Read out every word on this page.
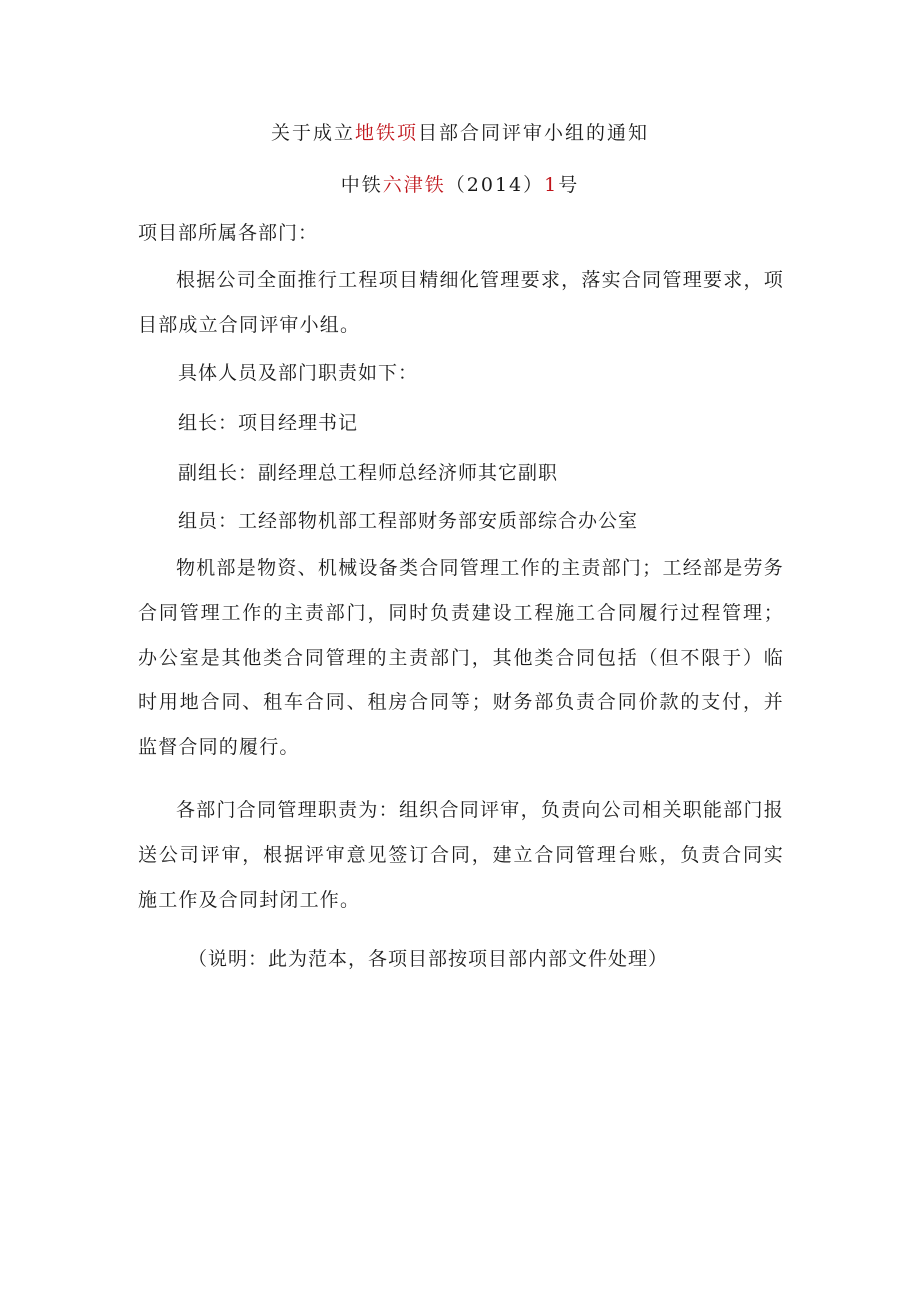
关于成立地铁项目部合同评审小组的通知
中铁六津铁（2014）1号
项目部所属各部门：

根据公司全面推行工程项目精细化管理要求，落实合同管理要求，项目部成立合同评审小组。

具体人员及部门职责如下：
组长：项目经理书记
副组长：副经理总工程师总经济师其它副职
组员：工经部物机部工程部财务部安质部综合办公室

物机部是物资、机械设备类合同管理工作的主责部门；工经部是劳务合同管理工作的主责部门，同时负责建设工程施工合同履行过程管理；办公室是其他类合同管理的主责部门，其他类合同包括（但不限于）临时用地合同、租车合同、租房合同等；财务部负责合同价款的支付，并监督合同的履行。

各部门合同管理职责为：组织合同评审，负责向公司相关职能部门报送公司评审，根据评审意见签订合同，建立合同管理台账，负责合同实施工作及合同封闭工作。

（说明：此为范本，各项目部按项目部内部文件处理）
